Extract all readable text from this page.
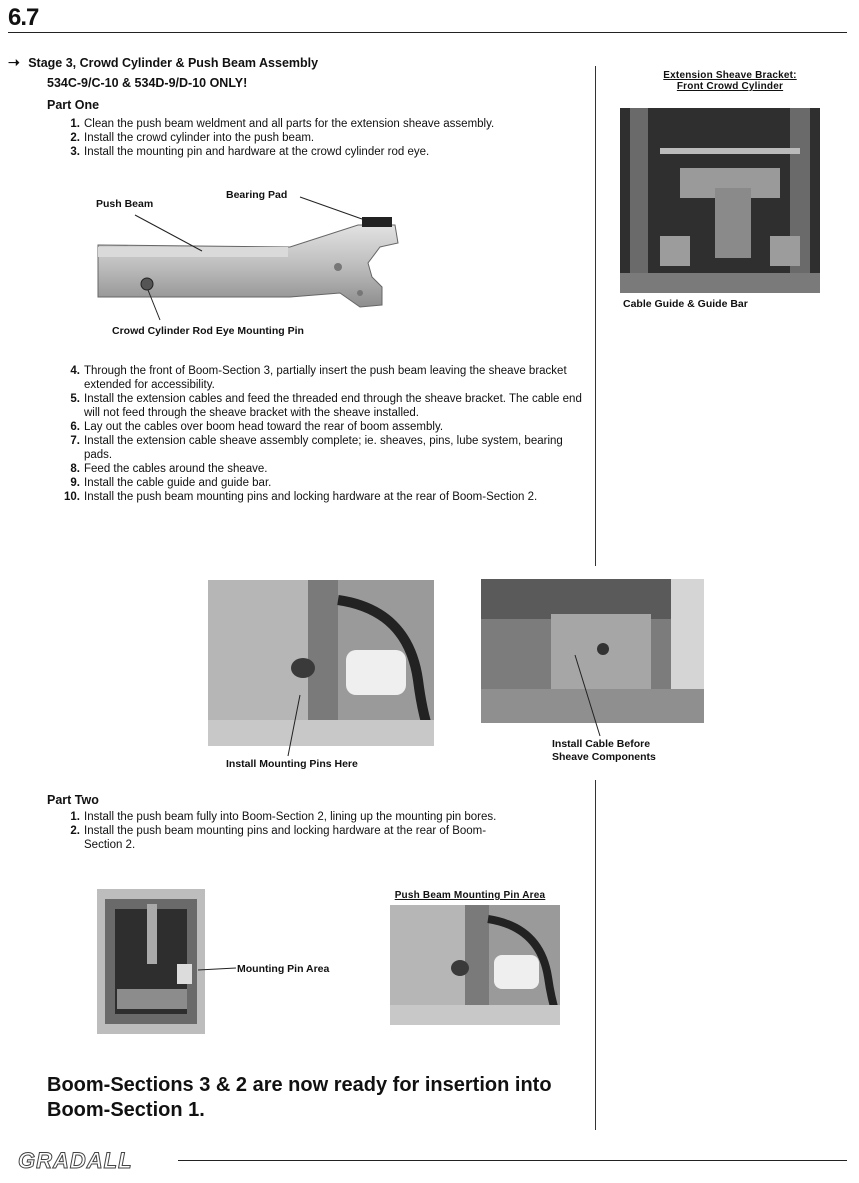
6.7
➝ Stage 3, Crowd Cylinder & Push Beam Assembly
534C-9/C-10 & 534D-9/D-10 ONLY!
Part One
1. Clean the push beam weldment and all parts for the extension sheave assembly.
2. Install the crowd cylinder into the push beam.
3. Install the mounting pin and hardware at the crowd cylinder rod eye.
Push Beam
Bearing Pad
Crowd Cylinder Rod Eye Mounting Pin
4. Through the front of Boom-Section 3, partially insert the push beam leaving the sheave bracket extended for accessibility.
5. Install the extension cables and feed the threaded end through the sheave bracket. The cable end will not feed through the sheave bracket with the sheave installed.
6. Lay out the cables over boom head toward the rear of boom assembly.
7. Install the extension cable sheave assembly complete; ie. sheaves, pins, lube system, bearing pads.
8. Feed the cables around the sheave.
9. Install the cable guide and guide bar.
10. Install the push beam mounting pins and locking hardware at the rear of Boom-Section 2.
Extension Sheave Bracket:
Front Crowd Cylinder
Cable Guide & Guide Bar
Install Mounting Pins Here
Install Cable Before
Sheave Components
Part Two
1. Install the push beam fully into Boom-Section 2, lining up the mounting pin bores.
2. Install the push beam mounting pins and locking hardware at the rear of Boom-Section 2.
Mounting Pin Area
Push Beam Mounting Pin Area
Boom-Sections 3 & 2 are now ready for insertion into Boom-Section 1.
GRADALL
